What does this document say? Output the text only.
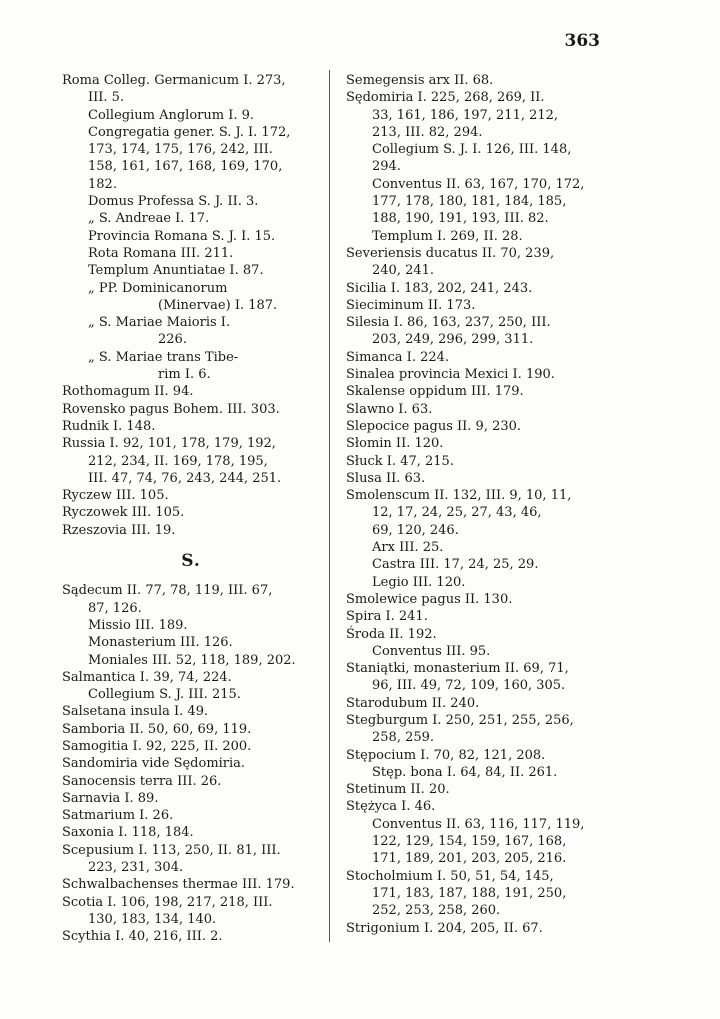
363
Roma Colleg. Germanicum I. 273,
III. 5.
Collegium Anglorum I. 9.
Congregatia gener. S. J. I. 172,
173, 174, 175, 176, 242, III.
158, 161, 167, 168, 169, 170,
182.
Domus Professa S. J. II. 3.
„ S. Andreae I. 17.
Provincia Romana S. J. I. 15.
Rota Romana III. 211.
Templum Anuntiatae I. 87.
„ PP. Dominicanorum
(Minervae) I. 187.
„ S. Mariae Maioris I.
226.
„ S. Mariae trans Tibe-
rim I. 6.
Rothomagum II. 94.
Rovensko pagus Bohem. III. 303.
Rudnik I. 148.
Russia I. 92, 101, 178, 179, 192,
212, 234, II. 169, 178, 195,
III. 47, 74, 76, 243, 244, 251.
Ryczew III. 105.
Ryczowek III. 105.
Rzeszovia III. 19.
S.
Sądecum II. 77, 78, 119, III. 67,
87, 126.
Missio III. 189.
Monasterium III. 126.
Moniales III. 52, 118, 189, 202.
Salmantica I. 39, 74, 224.
Collegium S. J. III. 215.
Salsetana insula I. 49.
Samboria II. 50, 60, 69, 119.
Samogitia I. 92, 225, II. 200.
Sandomiria vide Sędomiria.
Sanocensis terra III. 26.
Sarnavia I. 89.
Satmarium I. 26.
Saxonia I. 118, 184.
Scepusium I. 113, 250, II. 81, III.
223, 231, 304.
Schwalbachenses thermae III. 179.
Scotia I. 106, 198, 217, 218, III.
130, 183, 134, 140.
Scythia I. 40, 216, III. 2.
Semegensis arx II. 68.
Sędomiria I. 225, 268, 269, II.
33, 161, 186, 197, 211, 212,
213, III. 82, 294.
Collegium S. J. I. 126, III. 148,
294.
Conventus II. 63, 167, 170, 172,
177, 178, 180, 181, 184, 185,
188, 190, 191, 193, III. 82.
Templum I. 269, II. 28.
Severiensis ducatus II. 70, 239,
240, 241.
Sicilia I. 183, 202, 241, 243.
Sieciminum II. 173.
Silesia I. 86, 163, 237, 250, III.
203, 249, 296, 299, 311.
Simanca I. 224.
Sinalea provincia Mexici I. 190.
Skalense oppidum III. 179.
Slawno I. 63.
Slepocice pagus II. 9, 230.
Słomin II. 120.
Słuck I. 47, 215.
Slusa II. 63.
Smolenscum II. 132, III. 9, 10, 11,
12, 17, 24, 25, 27, 43, 46,
69, 120, 246.
Arx III. 25.
Castra III. 17, 24, 25, 29.
Legio III. 120.
Smolewice pagus II. 130.
Spira I. 241.
Środa II. 192.
Conventus III. 95.
Staniątki, monasterium II. 69, 71,
96, III. 49, 72, 109, 160, 305.
Starodubum II. 240.
Stegburgum I. 250, 251, 255, 256,
258, 259.
Stępocium I. 70, 82, 121, 208.
Stęp. bona I. 64, 84, II. 261.
Stetinum II. 20.
Stężyca I. 46.
Conventus II. 63, 116, 117, 119,
122, 129, 154, 159, 167, 168,
171, 189, 201, 203, 205, 216.
Stocholmium I. 50, 51, 54, 145,
171, 183, 187, 188, 191, 250,
252, 253, 258, 260.
Strigonium I. 204, 205, II. 67.
